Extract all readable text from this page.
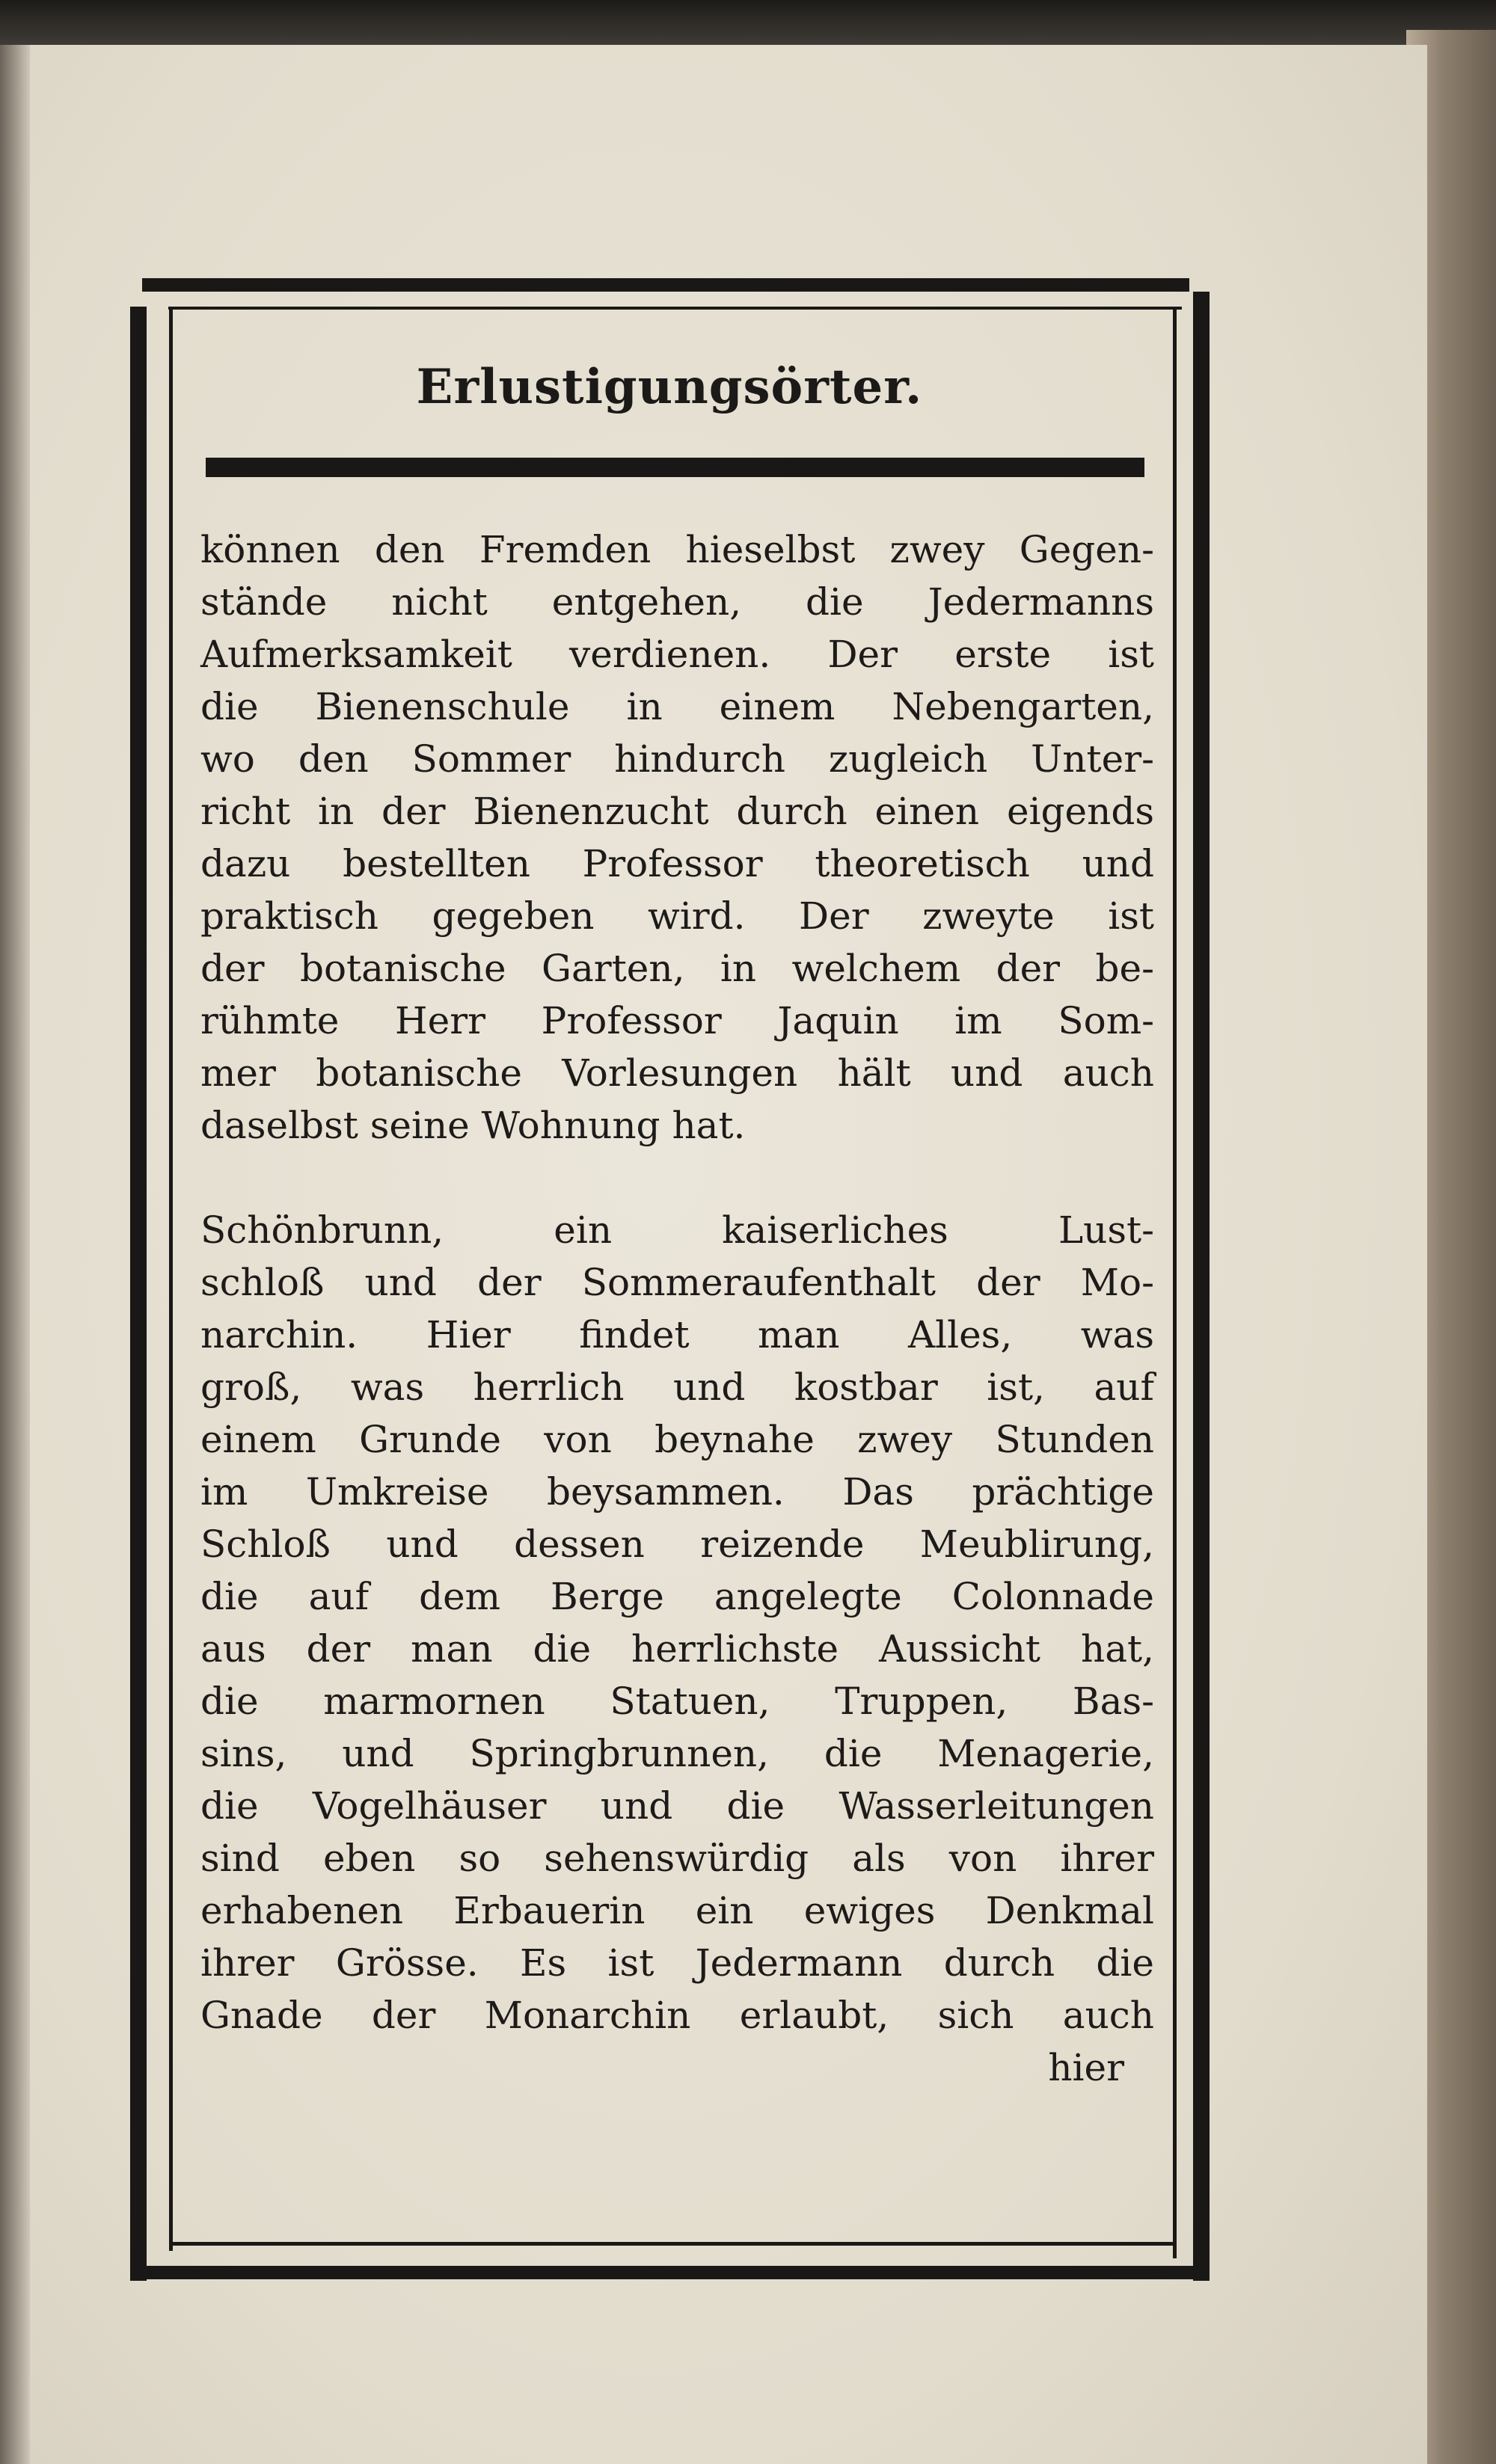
Erlustigungsörter.
können den Fremden hieselbst zwey Gegen-
stände nicht entgehen, die Jedermanns
Aufmerksamkeit verdienen. Der erste ist
die Bienenschule in einem Nebengarten,
wo den Sommer hindurch zugleich Unter-
richt in der Bienenzucht durch einen eigends
dazu bestellten Professor theoretisch und
praktisch gegeben wird. Der zweyte ist
der botanische Garten, in welchem der be-
rühmte Herr Professor Jaquin im Som-
mer botanische Vorlesungen hält und auch
daselbst seine Wohnung hat.
Schönbrunn, ein kaiserliches Lust-
schloß und der Sommeraufenthalt der Mo-
narchin. Hier findet man Alles, was
groß, was herrlich und kostbar ist, auf
einem Grunde von beynahe zwey Stunden
im Umkreise beysammen. Das prächtige
Schloß und dessen reizende Meublirung,
die auf dem Berge angelegte Colonnade
aus der man die herrlichste Aussicht hat,
die marmornen Statuen, Truppen, Bas-
sins, und Springbrunnen, die Menagerie,
die Vogelhäuser und die Wasserleitungen
sind eben so sehenswürdig als von ihrer
erhabenen Erbauerin ein ewiges Denkmal
ihrer Grösse. Es ist Jedermann durch die
Gnade der Monarchin erlaubt, sich auch
hier
